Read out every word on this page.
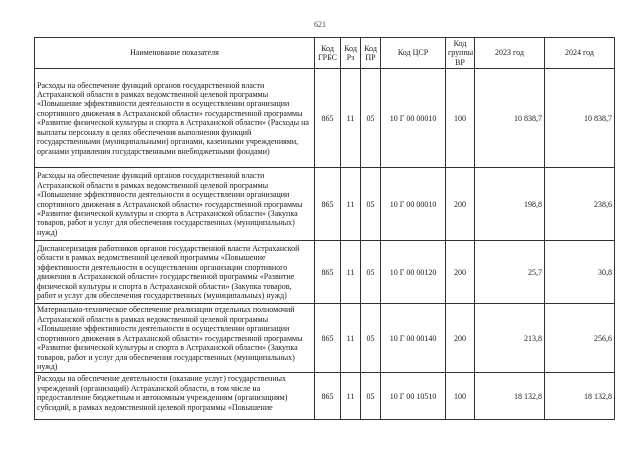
621
Наименование показателя	Код ГРБС	Код Рз	Код ПР	Код ЦСР	Код группы ВР	2023 год	2024 год
Расходы на обеспечение функций органов государственной власти Астраханской области в рамках ведомственной целевой программы «Повышение эффективности деятельности в осуществлении организации спортивного движения в Астраханской области» государственной программы «Развитие физической культуры и спорта в Астраханской области» (Расходы на выплаты персоналу в целях обеспечения выполнения функций государственными (муниципальными) органами, казенными учреждениями, органами управления государственными внебюджетными фондами)	865	11	05	10 Г 00 00010	100	10 838,7	10 838,7
Расходы на обеспечение функций органов государственной власти Астраханской области в рамках ведомственной целевой программы «Повышение эффективности деятельности в осуществлении организации спортивного движения в Астраханской области» государственной программы «Развитие физической культуры и спорта в Астраханской области» (Закупка товаров, работ и услуг для обеспечения государственных (муниципальных) нужд)	865	11	05	10 Г 00 00010	200	198,8	238,6
Диспансеризация работников органов государственной власти Астраханской области в рамках ведомственной целевой программы «Повышение эффективности деятельности в осуществлении организации спортивного движения в Астраханской области» государственной программы «Развитие физической культуры и спорта в Астраханской области» (Закупка товаров, работ и услуг для обеспечения государственных (муниципальных) нужд)	865	11	05	10 Г 00 00120	200	25,7	30,8
Материально-техническое обеспечение реализации отдельных полномочий Астраханской области в рамках ведомственной целевой программы «Повышение эффективности деятельности в осуществлении организации спортивного движения в Астраханской области» государственной программы «Развитие физической культуры и спорта в Астраханской области» (Закупка товаров, работ и услуг для обеспечения государственных (муниципальных) нужд)	865	11	05	10 Г 00 00140	200	213,8	256,6
Расходы на обеспечение деятельности (оказание услуг) государственных учреждений (организаций) Астраханской области, в том числе на предоставление бюджетным и автономным учреждениям (организациям) субсидий, в рамках ведомственной целевой программы «Повышение	865	11	05	10 Г 00 10510	100	18 132,8	18 132,8
